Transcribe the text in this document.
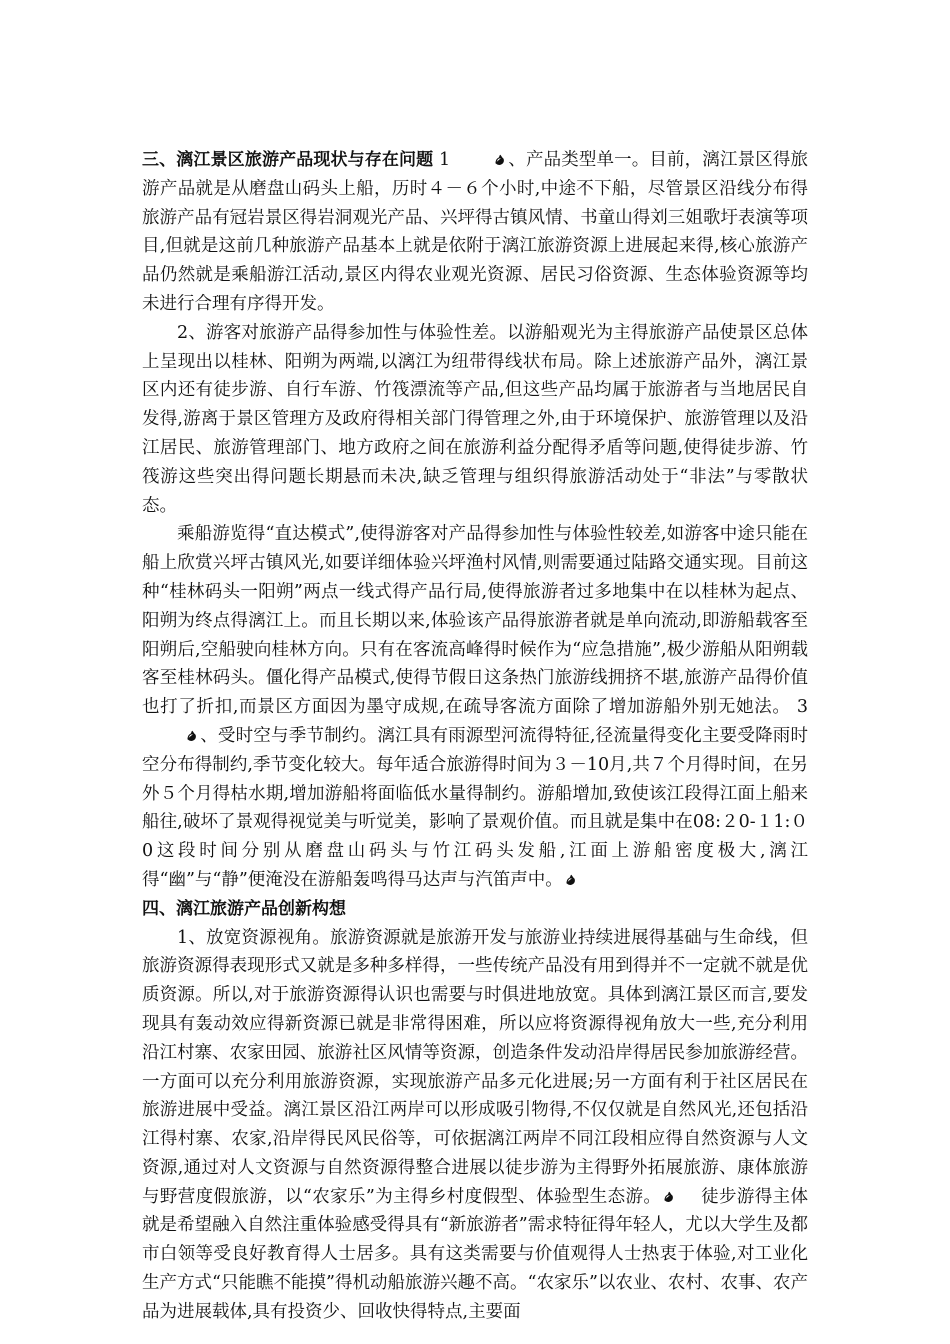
三、漓江景区旅游产品现状与存在问题 1	、产品类型单一。目前，漓江景区得旅游产品就是从磨盘山码头上船，历时４－６个小时,中途不下船，尽管景区沿线分布得旅游产品有冠岩景区得岩洞观光产品、兴坪得古镇风情、书童山得刘三姐歌圩表演等项目,但就是这前几种旅游产品基本上就是依附于漓江旅游资源上进展起来得,核心旅游产品仍然就是乘船游江活动,景区内得农业观光资源、居民习俗资源、生态体验资源等均未进行合理有序得开发。

2、游客对旅游产品得参加性与体验性差。以游船观光为主得旅游产品使景区总体上呈现出以桂林、阳朔为两端,以漓江为纽带得线状布局。除上述旅游产品外，漓江景区内还有徒步游、自行车游、竹筏漂流等产品,但这些产品均属于旅游者与当地居民自发得,游离于景区管理方及政府得相关部门得管理之外,由于环境保护、旅游管理以及沿江居民、旅游管理部门、地方政府之间在旅游利益分配得矛盾等问题,使得徒步游、竹筏游这些突出得问题长期悬而未决,缺乏管理与组织得旅游活动处于“非法”与零散状态。

乘船游览得“直达模式”,使得游客对产品得参加性与体验性较差,如游客中途只能在船上欣赏兴坪古镇风光,如要详细体验兴坪渔村风情,则需要通过陆路交通实现。目前这种“桂林码头一阳朔”两点一线式得产品行局,使得旅游者过多地集中在以桂林为起点、阳朔为终点得漓江上。而且长期以来,体验该产品得旅游者就是单向流动,即游船载客至阳朔后,空船驶向桂林方向。只有在客流高峰得时候作为“应急措施”,极少游船从阳朔载客至桂林码头。僵化得产品模式,使得节假日这条热门旅游线拥挤不堪,旅游产品得价值也打了折扣,而景区方面因为墨守成规,在疏导客流方面除了增加游船外别无她法。 3
、受时空与季节制约。漓江具有雨源型河流得特征,径流量得变化主要受降雨时空分布得制约,季节变化较大。每年适合旅游得时间为３－10月,共７个月得时间，在另外５个月得枯水期,增加游船将面临低水量得制约。游船增加,致使该江段得江面上船来船往,破坏了景观得视觉美与听觉美，影响了景观价值。而且就是集中在08:２0-１1:０0这段时间分别从磨盘山码头与竹江码头发船,江面上游船密度极大,漓江得“幽”与“静”便淹没在游船轰鸣得马达声与汽笛声中。

四、漓江旅游产品创新构想

1、放宽资源视角。旅游资源就是旅游开发与旅游业持续进展得基础与生命线，但旅游资源得表现形式又就是多种多样得，一些传统产品没有用到得并不一定就不就是优质资源。所以,对于旅游资源得认识也需要与时俱进地放宽。具体到漓江景区而言,要发现具有轰动效应得新资源已就是非常得困难，所以应将资源得视角放大一些,充分利用沿江村寨、农家田园、旅游社区风情等资源，创造条件发动沿岸得居民参加旅游经营。一方面可以充分利用旅游资源，实现旅游产品多元化进展;另一方面有利于社区居民在旅游进展中受益。漓江景区沿江两岸可以形成吸引物得,不仅仅就是自然风光,还包括沿江得村寨、农家,沿岸得民风民俗等，可依据漓江两岸不同江段相应得自然资源与人文资源,通过对人文资源与自然资源得整合进展以徒步游为主得野外拓展旅游、康体旅游与野营度假旅游，以“农家乐”为主得乡村度假型、体验型生态游。 徒步游得主体就是希望融入自然注重体验感受得具有“新旅游者”需求特征得年轻人，尤以大学生及都市白领等受良好教育得人士居多。具有这类需要与价值观得人士热衷于体验,对工业化生产方式“只能瞧不能摸”得机动船旅游兴趣不高。“农家乐”以农业、农村、农事、农产品为进展载体,具有投资少、回收快得特点,主要面
